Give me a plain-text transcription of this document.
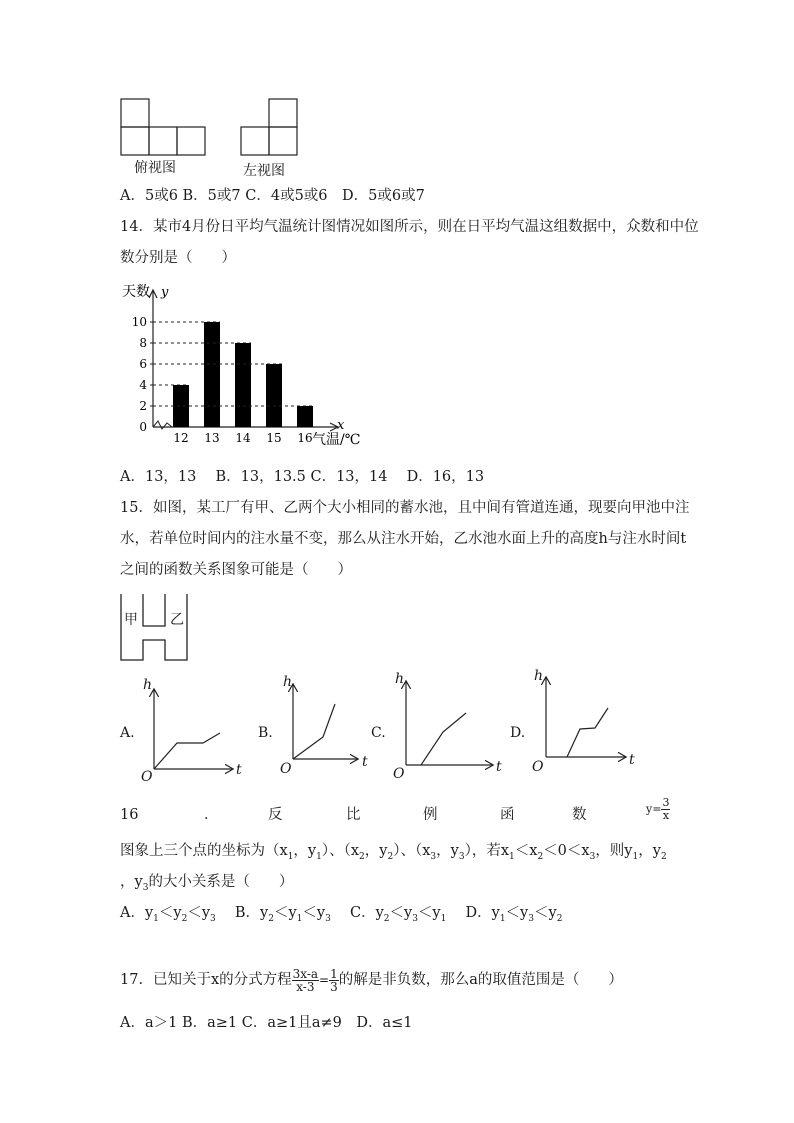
俯视图	左视图
A．5或6 B．5或7 C．4或5或6　D．5或6或7
14．某市4月份日平均气温统计图情况如图所示，则在日平均气温这组数据中，众数和中位
数分别是（　　）
天数 y
x
气温/℃
0
2
4
6
8
10
12 13 14 15 16
A．13，13　 B．13，13.5 C．13，14　 D．16，13
15．如图，某工厂有甲、乙两个大小相同的蓄水池，且中间有管道连通，现要向甲池中注
水，若单位时间内的注水量不变，那么从注水开始，乙水池水面上升的高度h与注水时间t
之间的函数关系图象可能是（　　）
甲 乙
A.	B.	C.	D.
h
t
O
h
t
O
h
t
O
h
t
O
16	．	反	比	例	函	数	$y= \frac{3}{x}$
图象上三个点的坐标为（$x_1$，$y_1$）、（$x_2$，$y_2$）、（$x_3$，$y_3$），若$x_1<x_2<0<x_3$，则$y_1$，$y_2$
，$y_3$的大小关系是（　　）
A．$y_1<y_2<y_3$　 B．$y_2<y_1<y_3$　 C．$y_2<y_3<y_1$　 D．$y_1<y_3<y_2$
17．已知关于x的分式方程 $\frac{3x-a}{x-3} = \frac{1}{3}$ 的解是非负数，那么a的取值范围是（　　）
A．a＞1 B．a≥1 C．a≥1且a≠9　D．a≤1
